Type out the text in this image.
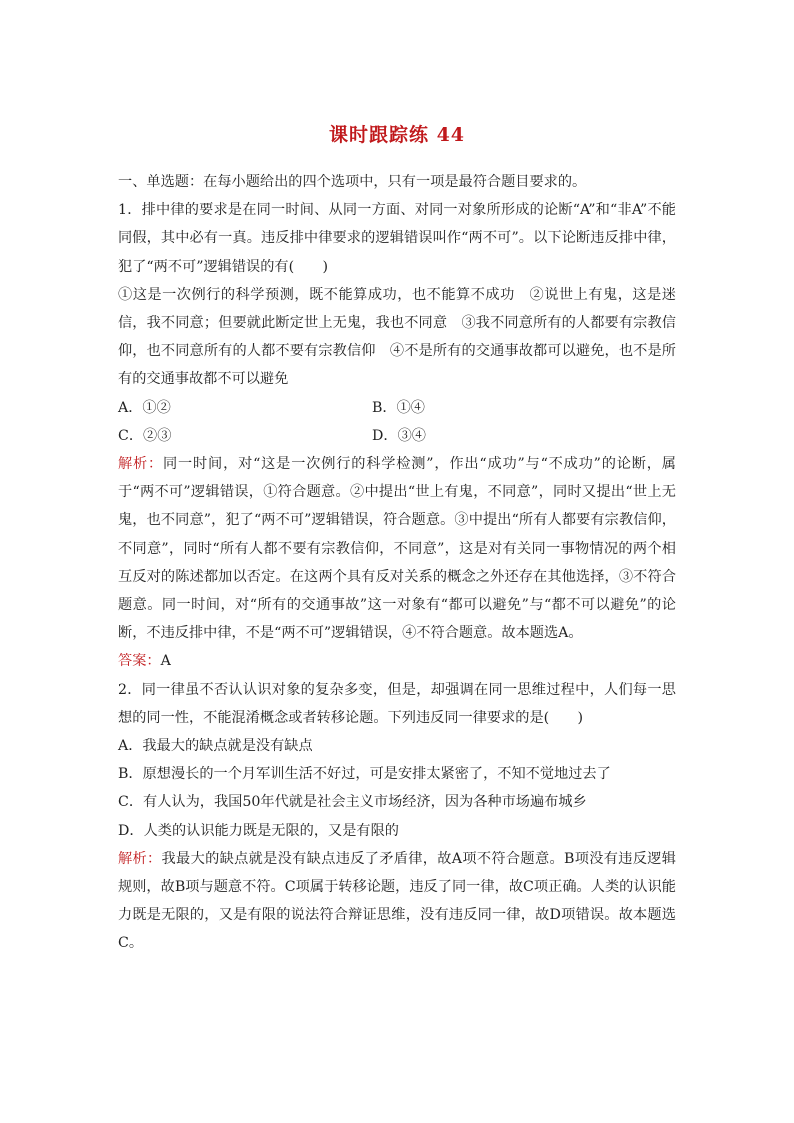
课时跟踪练 44

一、单选题：在每小题给出的四个选项中，只有一项是最符合题目要求的。

1．排中律的要求是在同一时间、从同一方面、对同一对象所形成的论断“A”和“非A”不能同假，其中必有一真。违反排中律要求的逻辑错误叫作“两不可”。以下论断违反排中律，犯了“两不可”逻辑错误的有(　　)

①这是一次例行的科学预测，既不能算成功，也不能算不成功　②说世上有鬼，这是迷信，我不同意；但要就此断定世上无鬼，我也不同意　③我不同意所有的人都要有宗教信仰，也不同意所有的人都不要有宗教信仰　④不是所有的交通事故都可以避免，也不是所有的交通事故都不可以避免

A．①②	B．①④
C．②③	D．③④

解析：同一时间，对“这是一次例行的科学检测”，作出“成功”与“不成功”的论断，属于“两不可”逻辑错误，①符合题意。②中提出“世上有鬼，不同意”，同时又提出“世上无鬼，也不同意”，犯了“两不可”逻辑错误，符合题意。③中提出“所有人都要有宗教信仰，不同意”，同时“所有人都不要有宗教信仰，不同意”，这是对有关同一事物情况的两个相互反对的陈述都加以否定。在这两个具有反对关系的概念之外还存在其他选择，③不符合题意。同一时间，对“所有的交通事故”这一对象有“都可以避免”与“都不可以避免”的论断，不违反排中律，不是“两不可”逻辑错误，④不符合题意。故本题选A。

答案：A

2．同一律虽不否认认识对象的复杂多变，但是，却强调在同一思维过程中，人们每一思想的同一性，不能混淆概念或者转移论题。下列违反同一律要求的是(　　)

A．我最大的缺点就是没有缺点

B．原想漫长的一个月军训生活不好过，可是安排太紧密了，不知不觉地过去了

C．有人认为，我国50年代就是社会主义市场经济，因为各种市场遍布城乡

D．人类的认识能力既是无限的，又是有限的

解析：我最大的缺点就是没有缺点违反了矛盾律，故A项不符合题意。B项没有违反逻辑规则，故B项与题意不符。C项属于转移论题，违反了同一律，故C项正确。人类的认识能力既是无限的，又是有限的说法符合辩证思维，没有违反同一律，故D项错误。故本题选C。
